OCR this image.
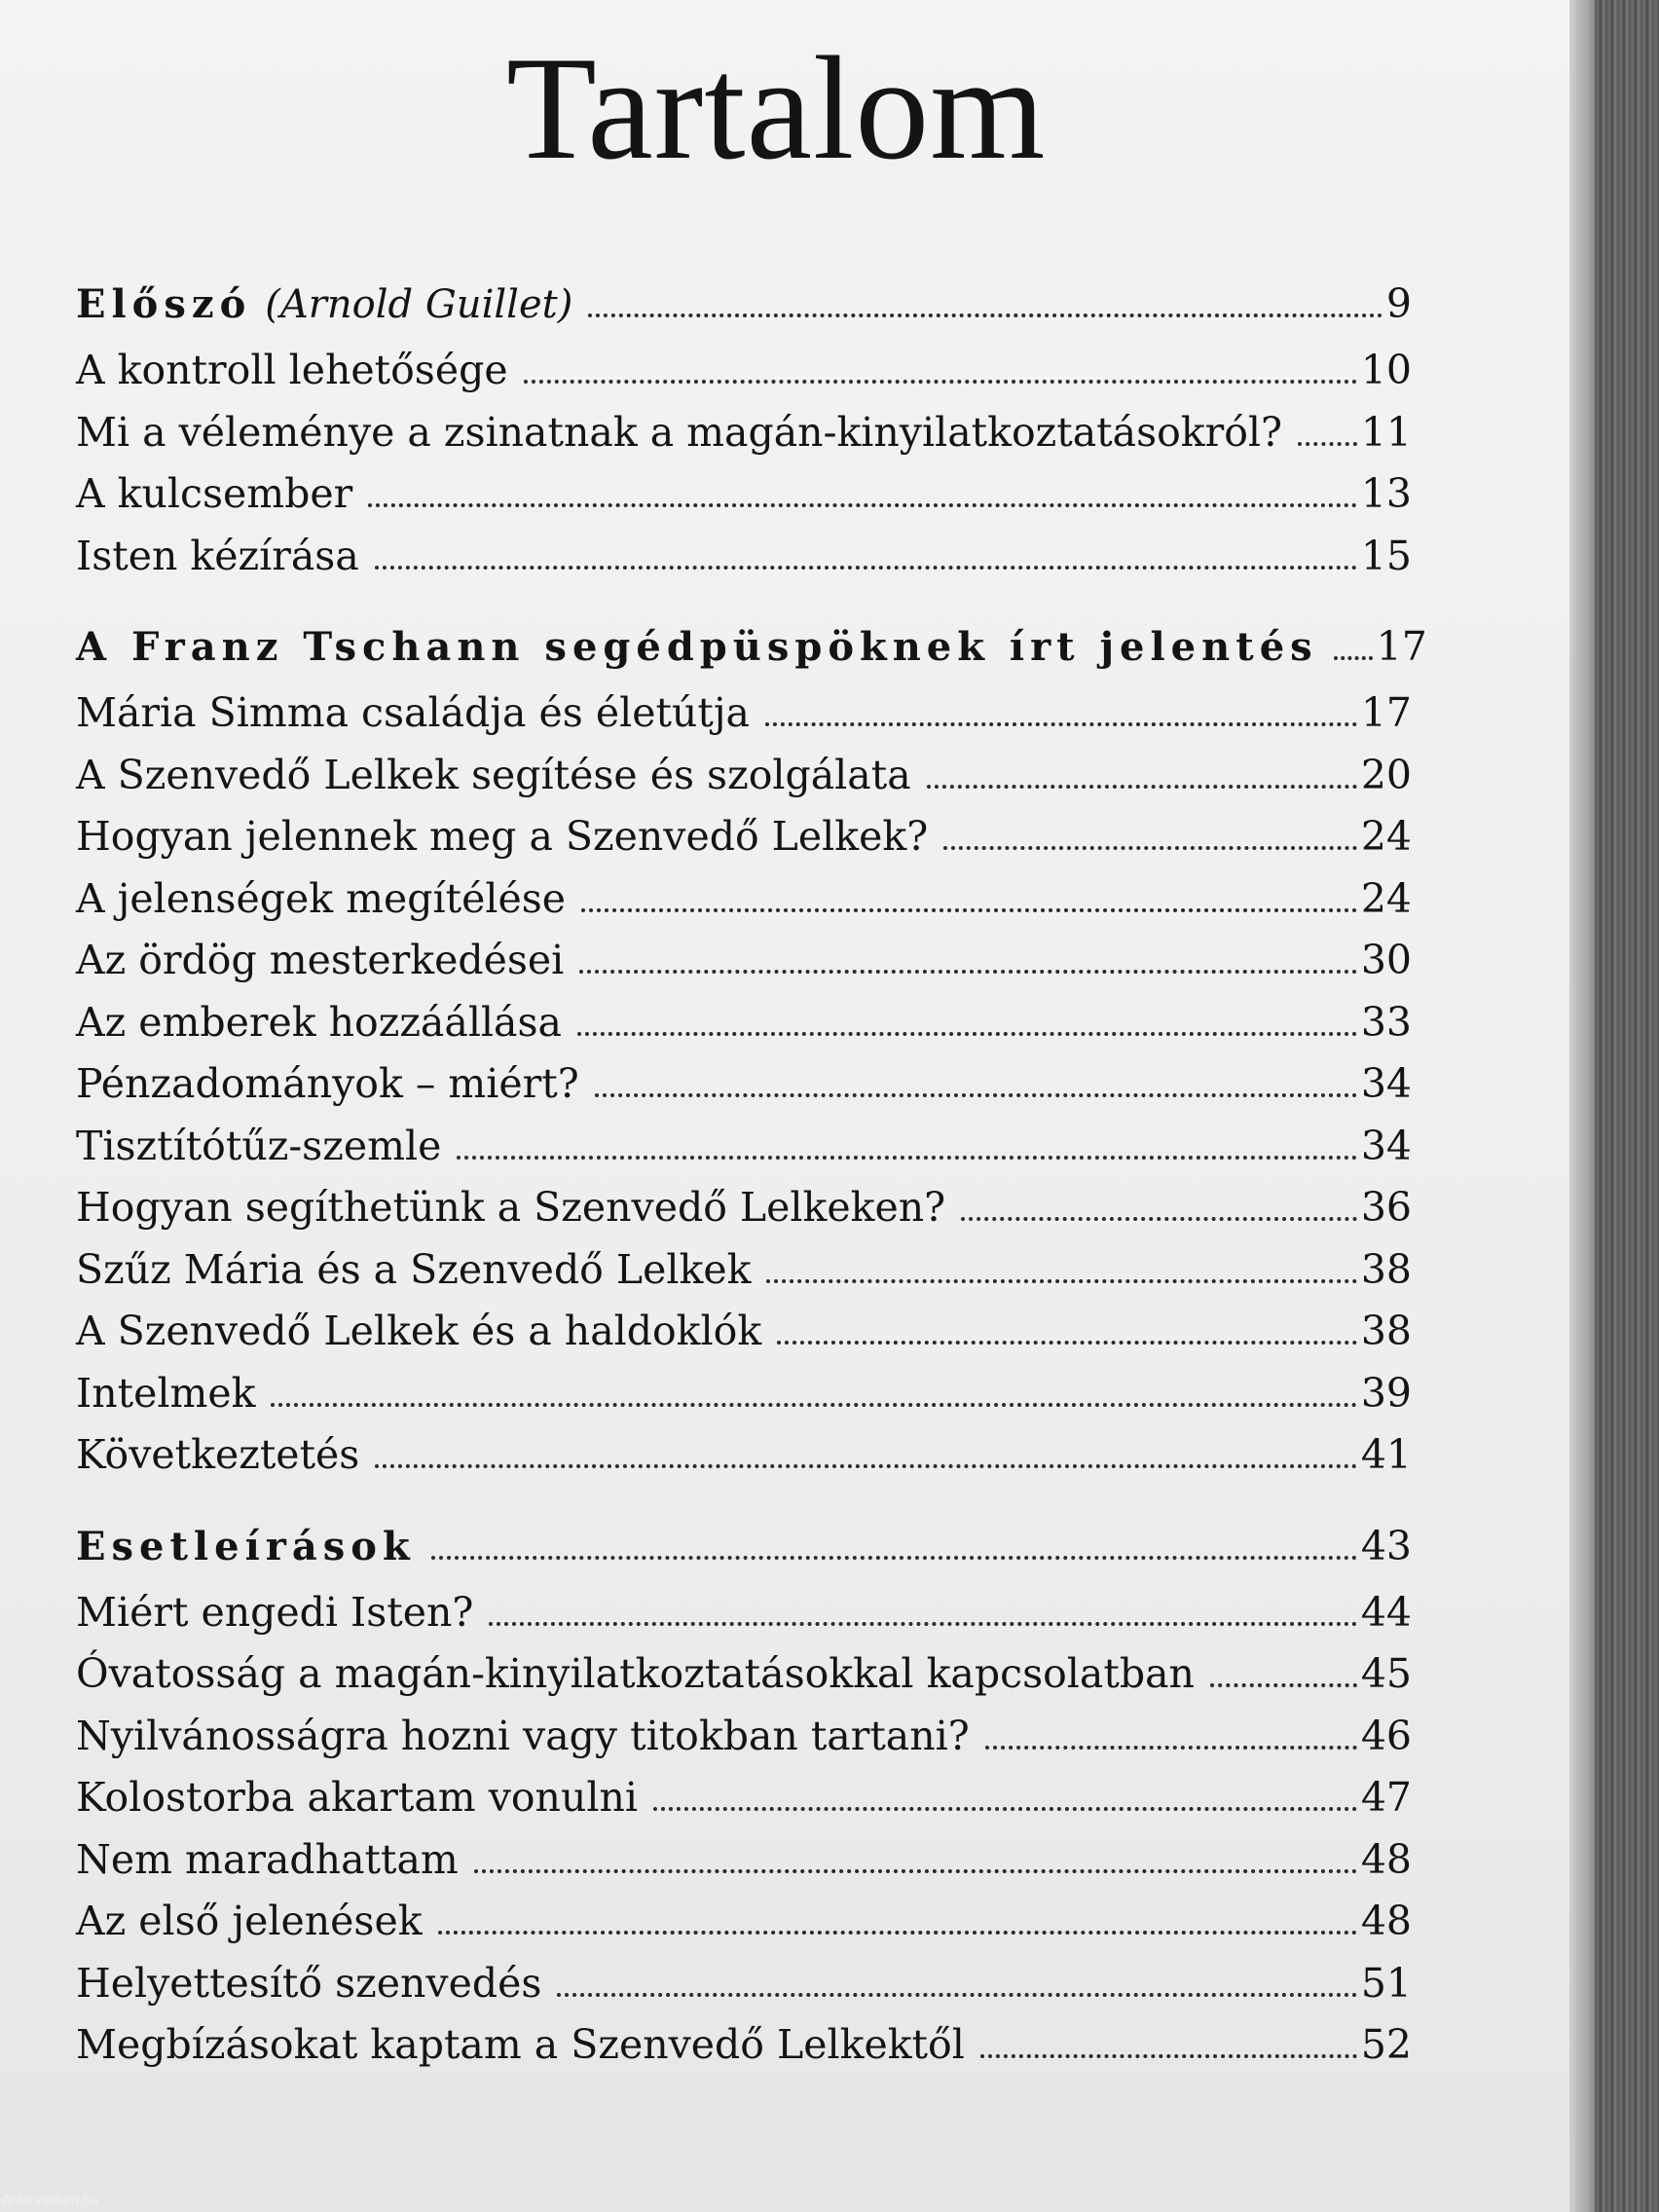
Tartalom
Előszó (Arnold Guillet)	9
A kontroll lehetősége	10
Mi a véleménye a zsinatnak a magán-kinyilatkoztatásokról?	11
A kulcsember	13
Isten kézírása	15
A Franz Tschann segédpüspöknek írt jelentés	17
Mária Simma családja és életútja	17
A Szenvedő Lelkek segítése és szolgálata	20
Hogyan jelennek meg a Szenvedő Lelkek?	24
A jelenségek megítélése	24
Az ördög mesterkedései	30
Az emberek hozzáállása	33
Pénzadományok – miért?	34
Tisztítótűz-szemle	34
Hogyan segíthetünk a Szenvedő Lelkeken?	36
Szűz Mária és a Szenvedő Lelkek	38
A Szenvedő Lelkek és a haldoklók	38
Intelmek	39
Következtetés	41
Esetleírások	43
Miért engedi Isten?	44
Óvatosság a magán-kinyilatkoztatásokkal kapcsolatban	45
Nyilvánosságra hozni vagy titokban tartani?	46
Kolostorba akartam vonulni	47
Nem maradhattam	48
Az első jelenések	48
Helyettesítő szenvedés	51
Megbízásokat kaptam a Szenvedő Lelkektől	52
Antikvárium.hu
